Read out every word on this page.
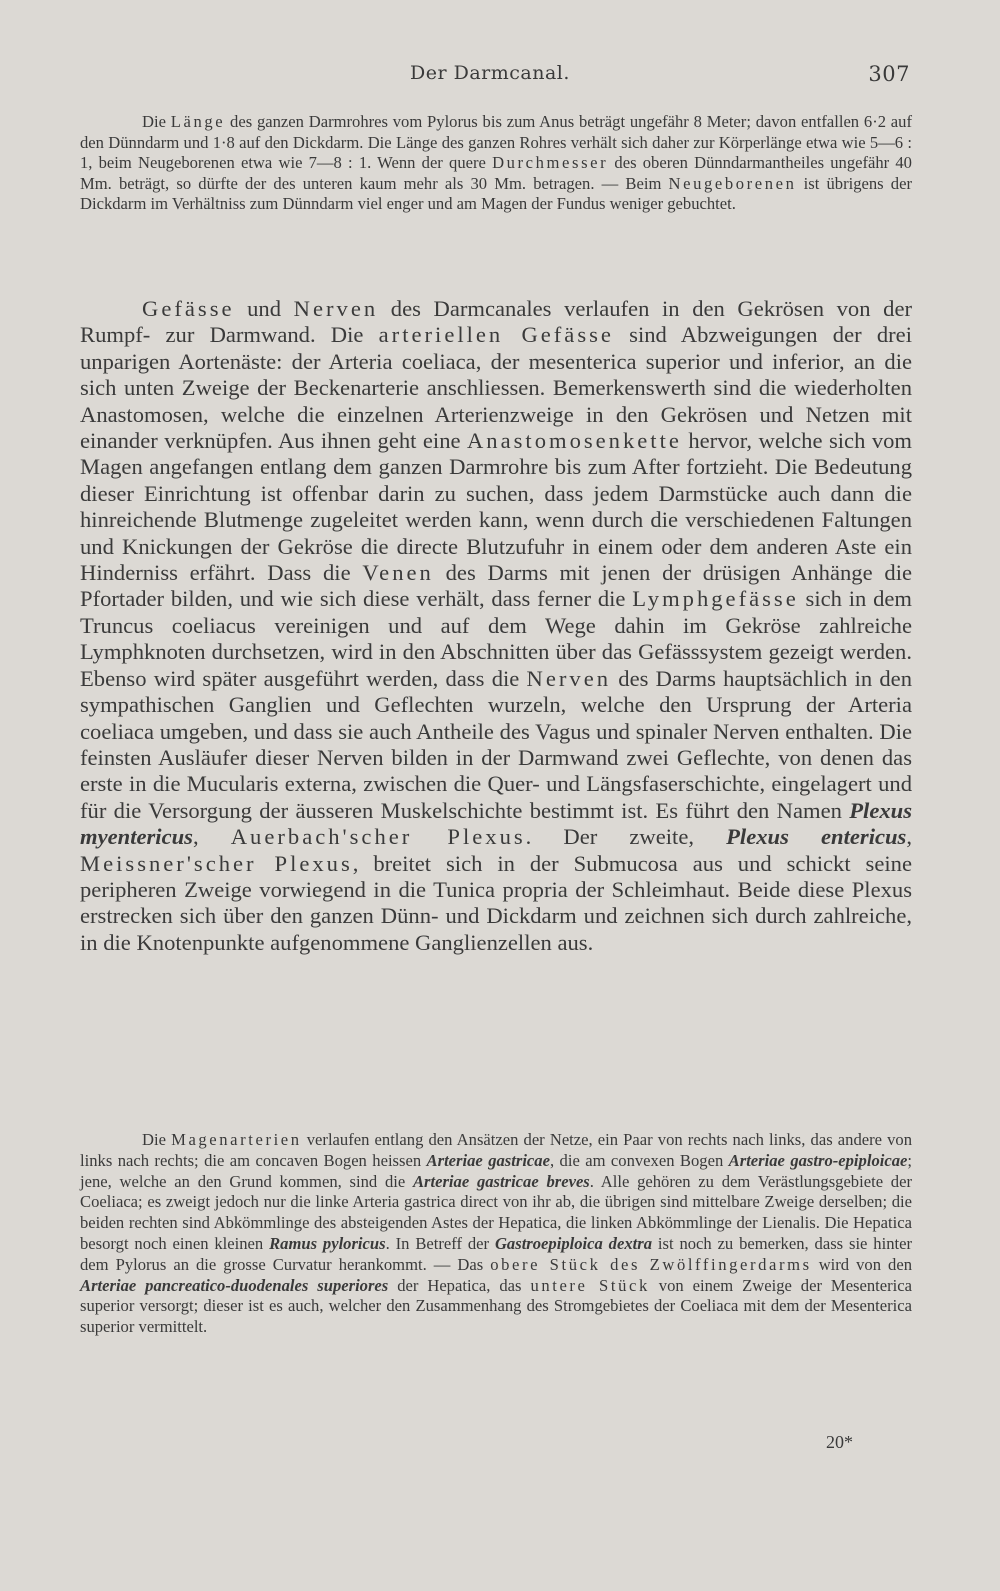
Der Darmcanal.	307

Die Länge des ganzen Darmrohres vom Pylorus bis zum Anus beträgt ungefähr 8 Meter; davon entfallen 6·2 auf den Dünndarm und 1·8 auf den Dickdarm. Die Länge des ganzen Rohres verhält sich daher zur Körperlänge etwa wie 5—6 : 1, beim Neugeborenen etwa wie 7—8 : 1. Wenn der quere Durchmesser des oberen Dünndarmantheiles ungefähr 40 Mm. beträgt, so dürfte der des unteren kaum mehr als 30 Mm. betragen. — Beim Neugeborenen ist übrigens der Dickdarm im Verhältniss zum Dünndarm viel enger und am Magen der Fundus weniger gebuchtet.

Gefässe und Nerven des Darmcanales verlaufen in den Gekrösen von der Rumpf- zur Darmwand. Die arteriellen Gefässe sind Abzweigungen der drei unparigen Aortenäste: der Arteria coeliaca, der mesenterica superior und inferior, an die sich unten Zweige der Beckenarterie anschliessen. Bemerkenswerth sind die wiederholten Anastomosen, welche die einzelnen Arterienzweige in den Gekrösen und Netzen mit einander verknüpfen. Aus ihnen geht eine Anastomosenkette hervor, welche sich vom Magen angefangen entlang dem ganzen Darmrohre bis zum After fortzieht. Die Bedeutung dieser Einrichtung ist offenbar darin zu suchen, dass jedem Darmstücke auch dann die hinreichende Blutmenge zugeleitet werden kann, wenn durch die verschiedenen Faltungen und Knickungen der Gekröse die directe Blutzufuhr in einem oder dem anderen Aste ein Hinderniss erfährt. Dass die Venen des Darms mit jenen der drüsigen Anhänge die Pfortader bilden, und wie sich diese verhält, dass ferner die Lymphgefässe sich in dem Truncus coeliacus vereinigen und auf dem Wege dahin im Gekröse zahlreiche Lymphknoten durchsetzen, wird in den Abschnitten über das Gefässsystem gezeigt werden. Ebenso wird später ausgeführt werden, dass die Nerven des Darms hauptsächlich in den sympathischen Ganglien und Geflechten wurzeln, welche den Ursprung der Arteria coeliaca umgeben, und dass sie auch Antheile des Vagus und spinaler Nerven enthalten. Die feinsten Ausläufer dieser Nerven bilden in der Darmwand zwei Geflechte, von denen das erste in die Mucularis externa, zwischen die Quer- und Längsfaserschichte, eingelagert und für die Versorgung der äusseren Muskelschichte bestimmt ist. Es führt den Namen Plexus myentericus, Auerbach'scher Plexus. Der zweite, Plexus entericus, Meissner'scher Plexus, breitet sich in der Submucosa aus und schickt seine peripheren Zweige vorwiegend in die Tunica propria der Schleimhaut. Beide diese Plexus erstrecken sich über den ganzen Dünn- und Dickdarm und zeichnen sich durch zahlreiche, in die Knotenpunkte aufgenommene Ganglienzellen aus.

Die Magenarterien verlaufen entlang den Ansätzen der Netze, ein Paar von rechts nach links, das andere von links nach rechts; die am concaven Bogen heissen Arteriae gastricae, die am convexen Bogen Arteriae gastro-epiploicae; jene, welche an den Grund kommen, sind die Arteriae gastricae breves. Alle gehören zu dem Verästlungsgebiete der Coeliaca; es zweigt jedoch nur die linke Arteria gastrica direct von ihr ab, die übrigen sind mittelbare Zweige derselben; die beiden rechten sind Abkömmlinge des absteigenden Astes der Hepatica, die linken Abkömmlinge der Lienalis. Die Hepatica besorgt noch einen kleinen Ramus pyloricus. In Betreff der Gastroepiploica dextra ist noch zu bemerken, dass sie hinter dem Pylorus an die grosse Curvatur herankommt. — Das obere Stück des Zwölffingerdarms wird von den Arteriae pancreatico-duodenales superiores der Hepatica, das untere Stück von einem Zweige der Mesenterica superior versorgt; dieser ist es auch, welcher den Zusammenhang des Stromgebietes der Coeliaca mit dem der Mesenterica superior vermittelt.

20*
